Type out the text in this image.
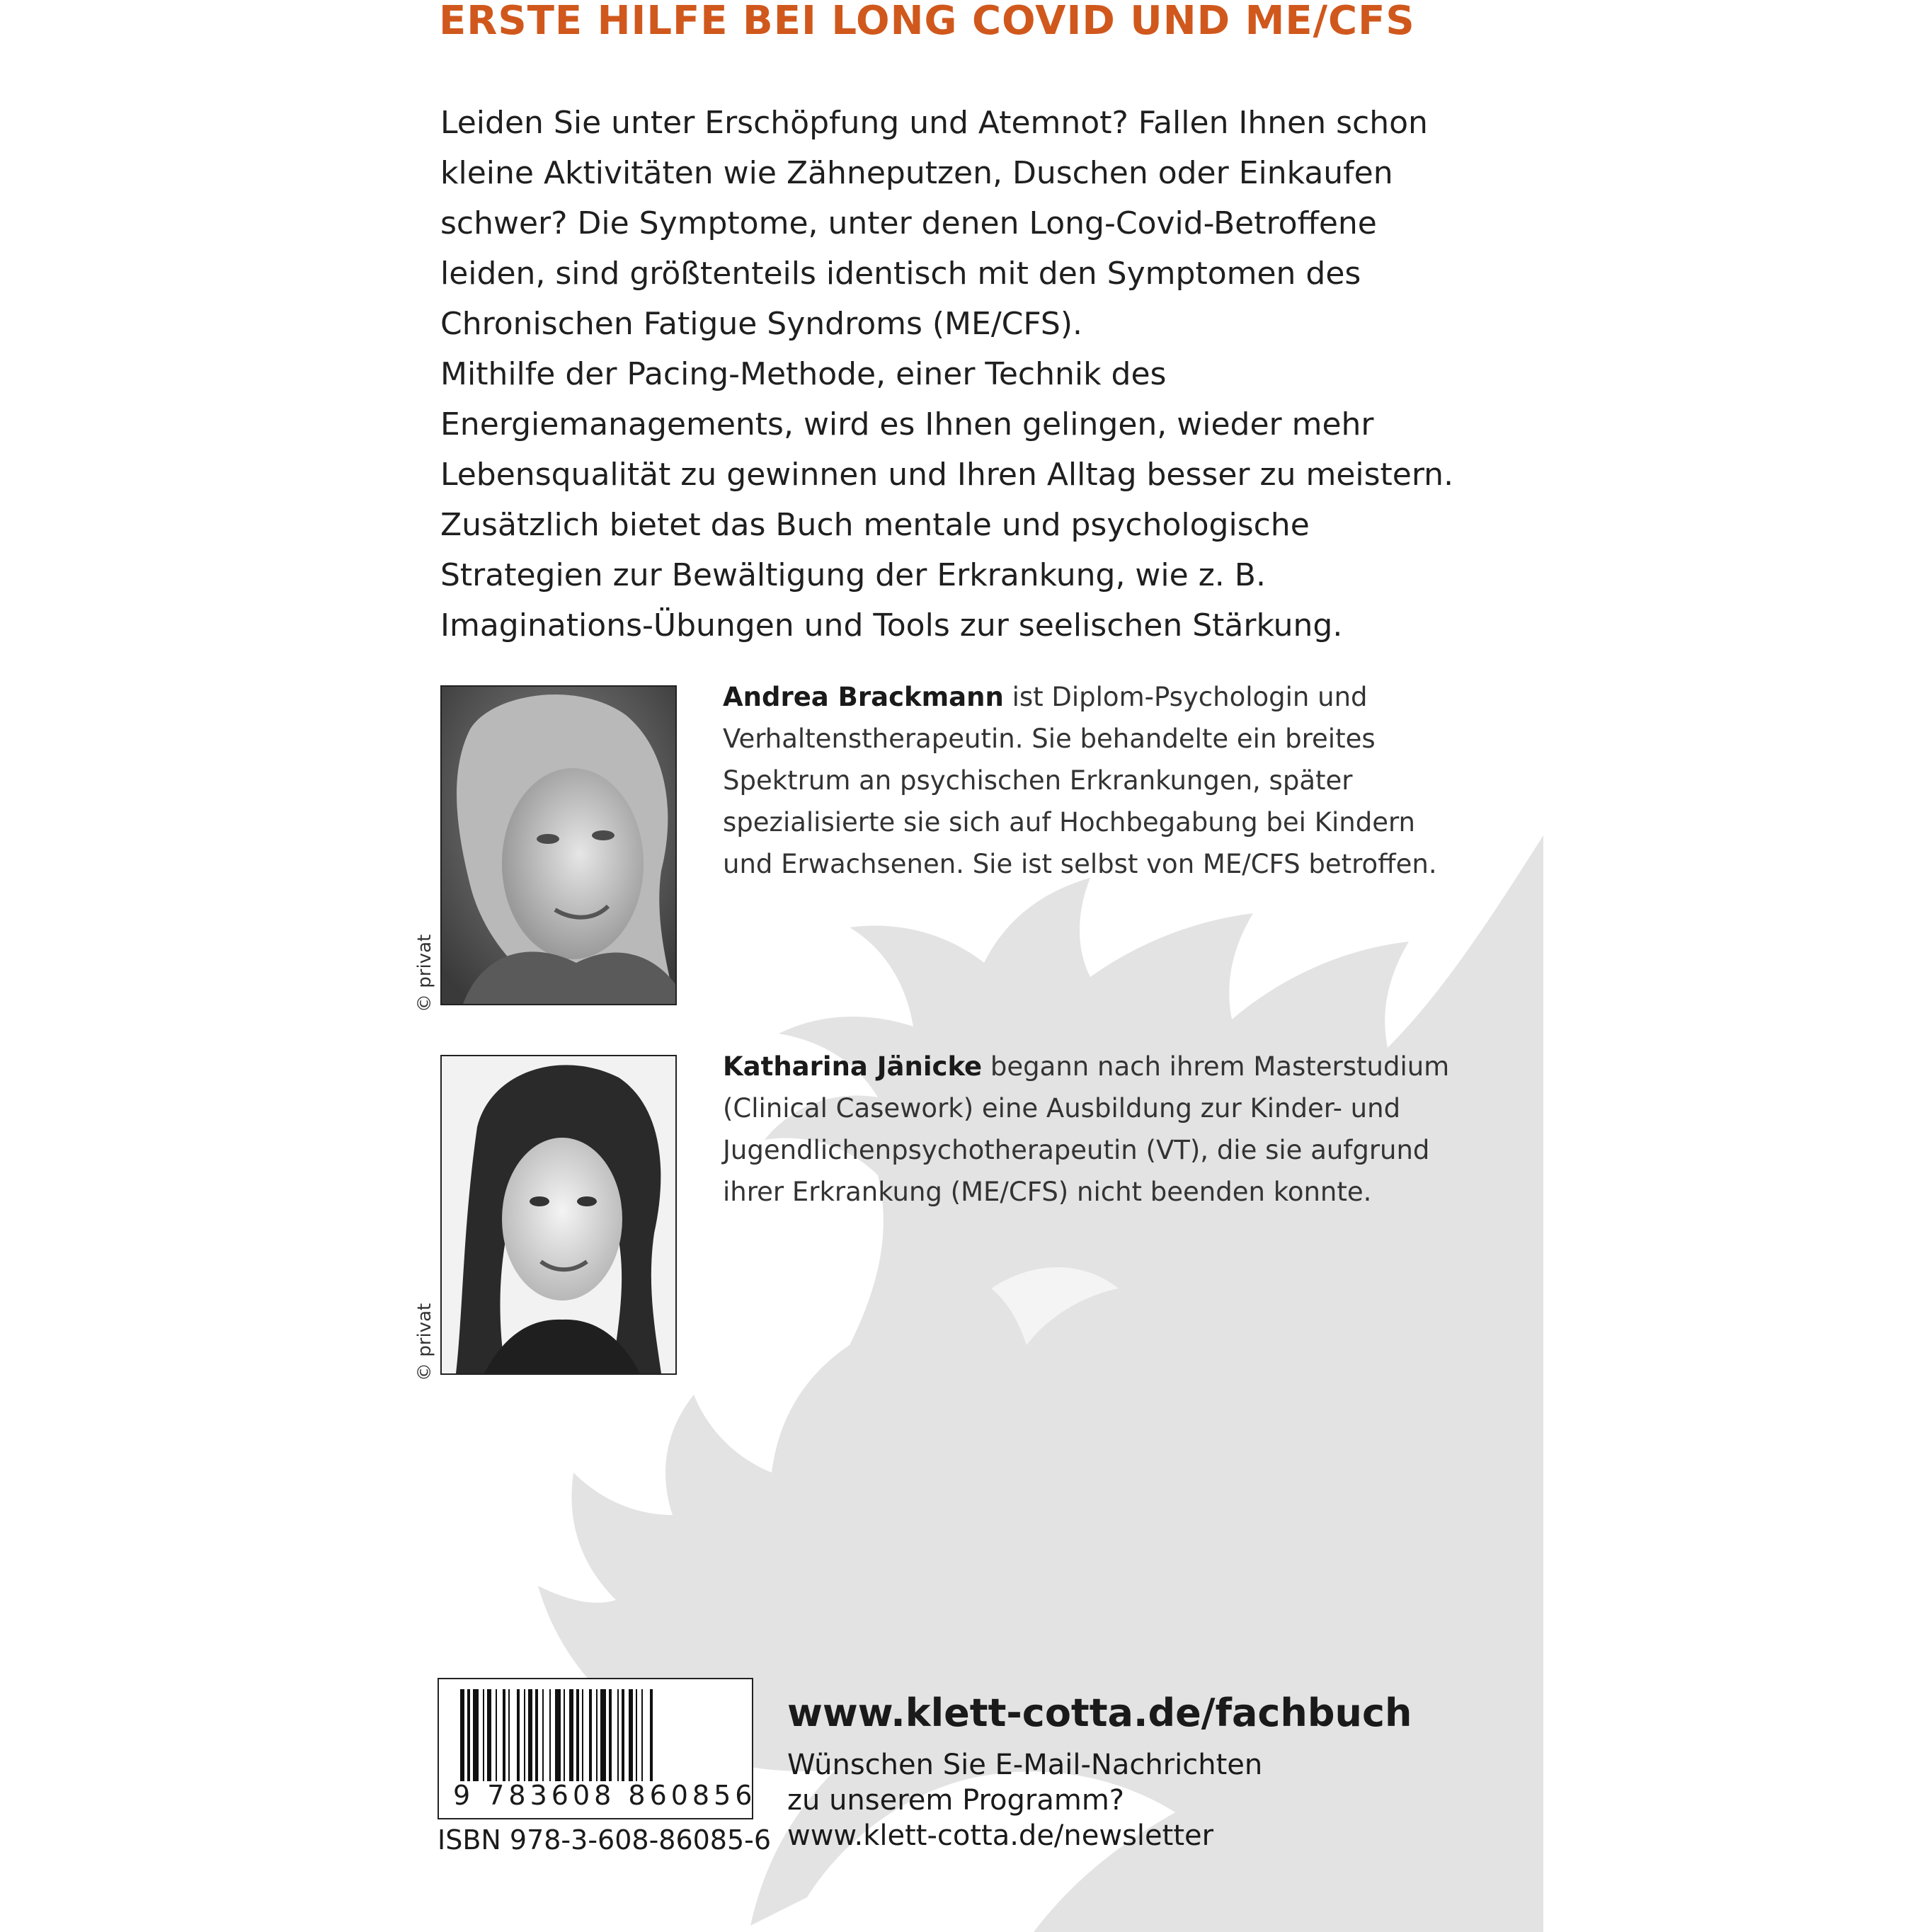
ERSTE HILFE BEI LONG COVID UND ME/CFS

Leiden Sie unter Erschöpfung und Atemnot? Fallen Ihnen schon kleine Aktivitäten wie Zähneputzen, Duschen oder Einkaufen schwer? Die Symptome, unter denen Long-Covid-Betroffene leiden, sind größtenteils identisch mit den Symptomen des Chronischen Fatigue Syndroms (ME/CFS).

Mithilfe der Pacing-Methode, einer Technik des Energiemanagements, wird es Ihnen gelingen, wieder mehr Lebensqualität zu gewinnen und Ihren Alltag besser zu meistern. Zusätzlich bietet das Buch mentale und psychologische Strategien zur Bewältigung der Erkrankung, wie z. B. Imaginations-Übungen und Tools zur seelischen Stärkung.

© privat
Andrea Brackmann ist Diplom-Psychologin und Verhaltenstherapeutin. Sie behandelte ein breites Spektrum an psychischen Erkrankungen, später spezialisierte sie sich auf Hochbegabung bei Kindern und Erwachsenen. Sie ist selbst von ME/CFS betroffen.
© privat
Katharina Jänicke begann nach ihrem Masterstudium (Clinical Casework) eine Ausbildung zur Kinder- und Jugendlichenpsychotherapeutin (VT), die sie aufgrund ihrer Erkrankung (ME/CFS) nicht beenden konnte.
9 783608 860856
ISBN 978-3-608-86085-6
www.klett-cotta.de/fachbuch
Wünschen Sie E-Mail-Nachrichten
zu unserem Programm?
www.klett-cotta.de/newsletter
